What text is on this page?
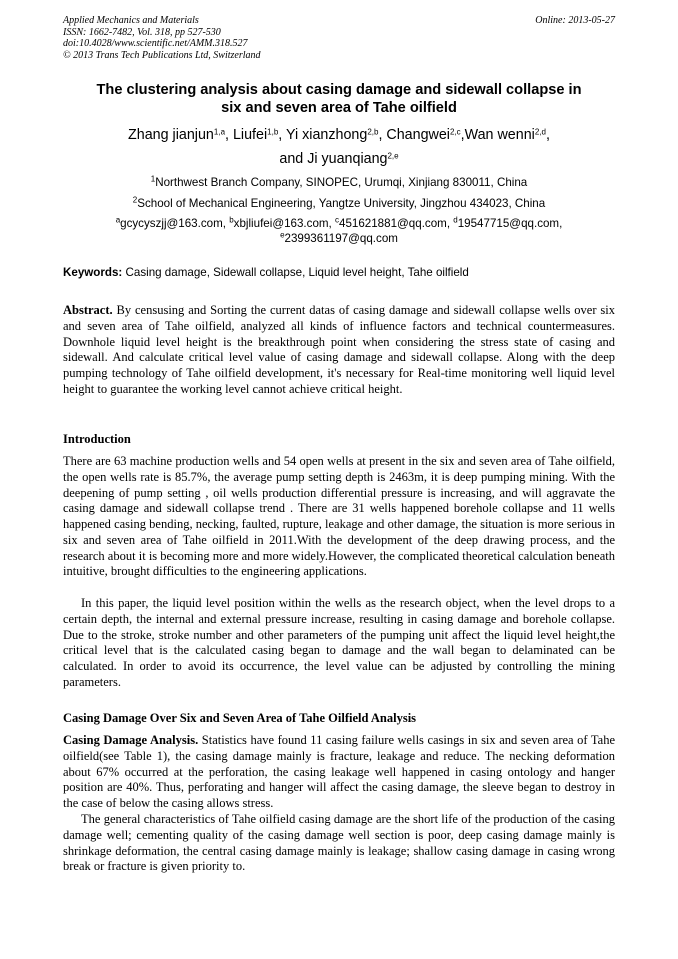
Applied Mechanics and Materials
ISSN: 1662-7482, Vol. 318, pp 527-530
doi:10.4028/www.scientific.net/AMM.318.527
© 2013 Trans Tech Publications Ltd, Switzerland
Online: 2013-05-27
The clustering analysis about casing damage and sidewall collapse in
six and seven area of Tahe oilfield
Zhang jianjun$^{1,a}$, Liufei$^{1,b}$, Yi xianzhong$^{2,b}$, Changwei$^{2,c}$,Wan wenni$^{2,d}$,
and Ji yuanqiang$^{2,e}$
$^1$Northwest Branch Company, SINOPEC, Urumqi, Xinjiang 830011, China
$^2$School of Mechanical Engineering, Yangtze University, Jingzhou 434023, China
$^a$gcycyszjj@163.com, $^b$xbjliufei@163.com, $^c$451621881@qq.com, $^d$19547715@qq.com,
$^e$2399361197@qq.com
Keywords: Casing damage, Sidewall collapse, Liquid level height, Tahe oilfield

Abstract. By censusing and Sorting the current datas of casing damage and sidewall collapse wells over six and seven area of Tahe oilfield, analyzed all kinds of influence factors and technical countermeasures. Downhole liquid level height is the breakthrough point when considering the stress state of casing and sidewall. And calculate critical level value of casing damage and sidewall collapse. Along with the deep pumping technology of Tahe oilfield development, it's necessary for Real-time monitoring well liquid level height to guarantee the working level cannot achieve critical height.

Introduction

There are 63 machine production wells and 54 open wells at present in the six and seven area of Tahe oilfield, the open wells rate is 85.7%, the average pump setting depth is 2463m, it is deep pumping mining. With the deepening of pump setting , oil wells production differential pressure is increasing, and will aggravate the casing damage and sidewall collapse trend . There are 31 wells happened borehole collapse and 11 wells happened casing bending, necking, faulted, rupture, leakage and other damage, the situation is more serious in six and seven area of Tahe oilfield in 2011.With the development of the deep drawing process, and the research about it is becoming more and more widely.However, the complicated theoretical calculation beneath intuitive, brought difficulties to the engineering applications.

In this paper, the liquid level position within the wells as the research object, when the level drops to a certain depth, the internal and external pressure increase, resulting in casing damage and borehole collapse. Due to the stroke, stroke number and other parameters of the pumping unit affect the liquid level height,the critical level that is the calculated casing began to damage and the wall began to delaminated can be calculated. In order to avoid its occurrence, the level value can be adjusted by controlling the mining parameters.

Casing Damage Over Six and Seven Area of Tahe Oilfield Analysis

Casing Damage Analysis. Statistics have found 11 casing failure wells casings in six and seven area of Tahe oilfield(see Table 1), the casing damage mainly is fracture, leakage and reduce. The necking deformation about 67% occurred at the perforation, the casing leakage well happened in casing ontology and hanger position are 40%. Thus, perforating and hanger will affect the casing damage, the sleeve began to destroy in the case of below the casing allows stress.

The general characteristics of Tahe oilfield casing damage are the short life of the production of the casing damage well; cementing quality of the casing damage well section is poor, deep casing damage mainly is shrinkage deformation, the central casing damage mainly is leakage; shallow casing damage in casing wrong break or fracture is given priority to.
